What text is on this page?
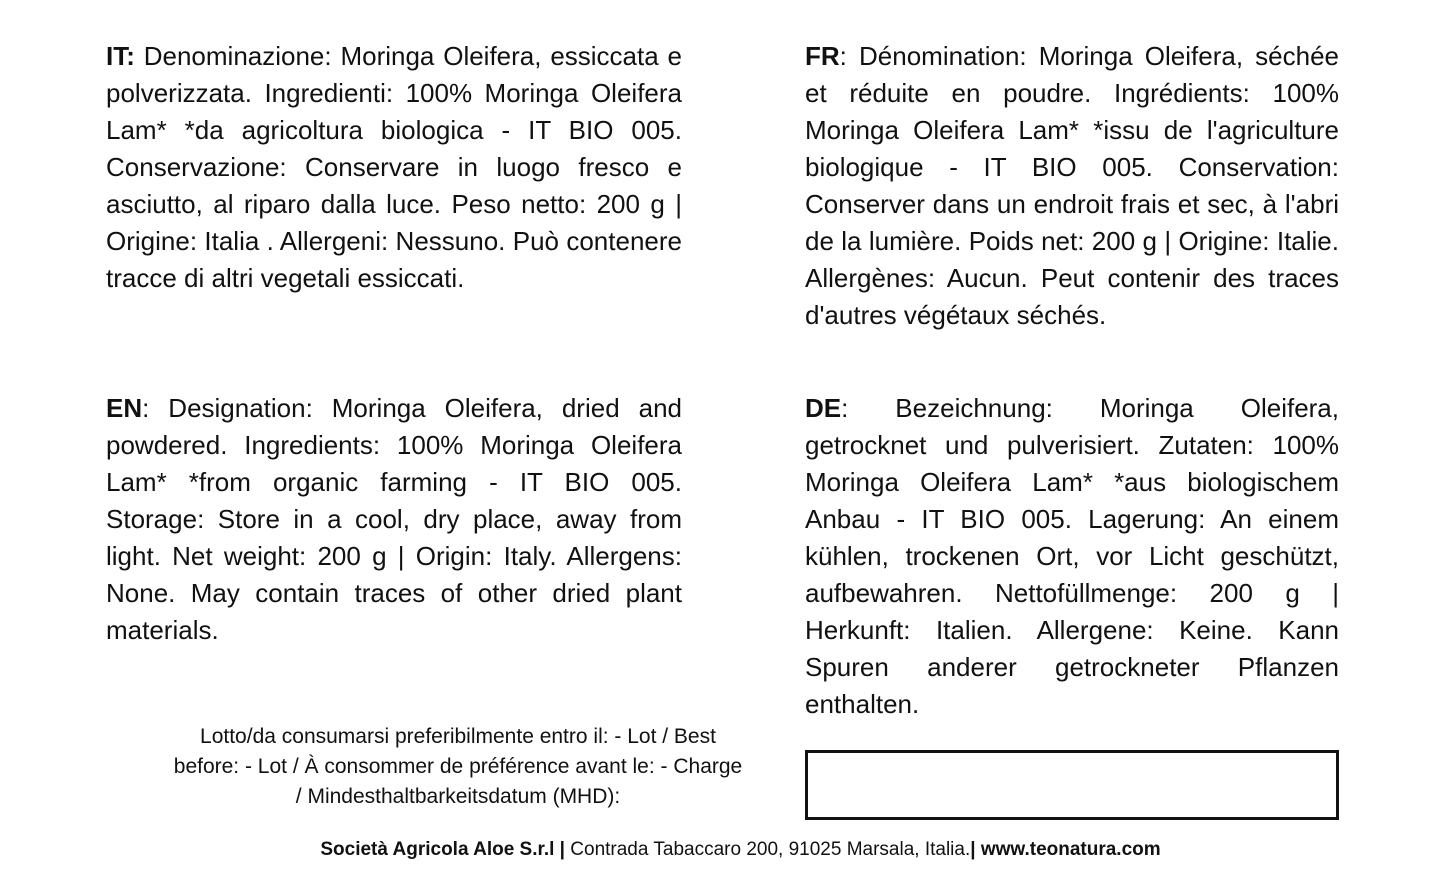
IT: Denominazione: Moringa Oleifera, essiccata e polverizzata. Ingredienti: 100% Moringa Oleifera Lam* *da agricoltura biologica - IT BIO 005. Conservazione: Conservare in luogo fresco e asciutto, al riparo dalla luce. Peso netto: 200 g | Origine: Italia . Allergeni: Nessuno. Può contenere tracce di altri vegetali essiccati.

FR: Dénomination: Moringa Oleifera, séchée et réduite en poudre. Ingrédients: 100% Moringa Oleifera Lam* *issu de l'agriculture biologique - IT BIO 005. Conservation: Conserver dans un endroit frais et sec, à l'abri de la lumière. Poids net: 200 g | Origine: Italie. Allergènes: Aucun. Peut contenir des traces d'autres végétaux séchés.

EN: Designation: Moringa Oleifera, dried and powdered. Ingredients: 100% Moringa Oleifera Lam* *from organic farming - IT BIO 005. Storage: Store in a cool, dry place, away from light. Net weight: 200 g | Origin: Italy. Allergens: None. May contain traces of other dried plant materials.

DE: Bezeichnung: Moringa Oleifera, getrocknet und pulverisiert. Zutaten: 100% Moringa Oleifera Lam* *aus biologischem Anbau - IT BIO 005. Lagerung: An einem kühlen, trockenen Ort, vor Licht geschützt, aufbewahren. Nettofüllmenge: 200 g | Herkunft: Italien. Allergene: Keine. Kann Spuren anderer getrockneter Pflanzen enthalten.

Lotto/da consumarsi preferibilmente entro il: - Lot / Best before: - Lot / À consommer de préférence avant le: - Charge / Mindesthaltbarkeitsdatum (MHD):
Società Agricola Aloe S.r.l | Contrada Tabaccaro 200, 91025 Marsala, Italia.| www.teonatura.com
